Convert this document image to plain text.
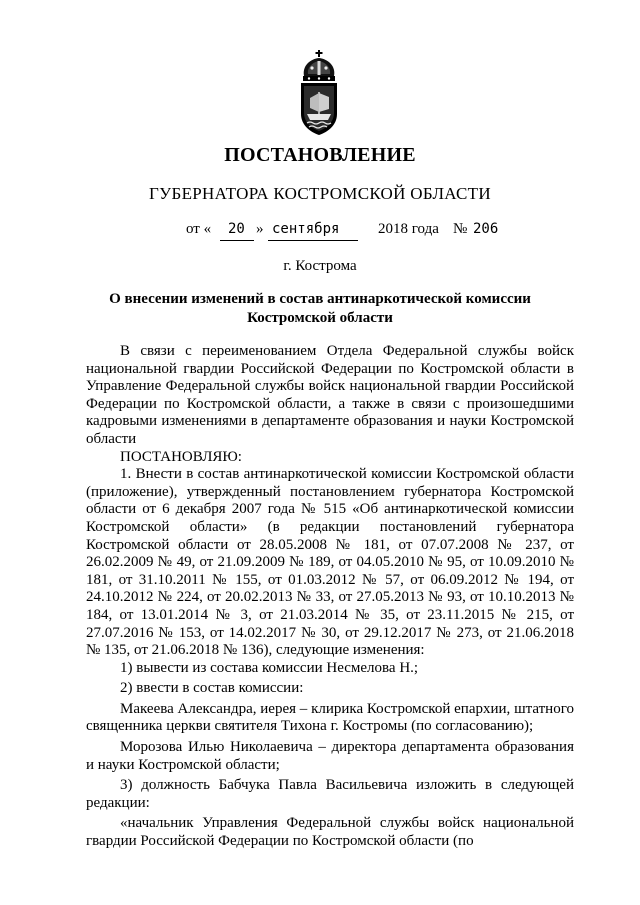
ПОСТАНОВЛЕНИЕ
ГУБЕРНАТОРА КОСТРОМСКОЙ ОБЛАСТИ
от « 20 » сентября	2018 года № 206
г. Кострома
О внесении изменений в состав антинаркотической комиссии
Костромской области

В связи с переименованием Отдела Федеральной службы войск национальной гвардии Российской Федерации по Костромской области в Управление Федеральной службы войск национальной гвардии Российской Федерации по Костромской области, а также в связи с произошедшими кадровыми изменениями в департаменте образования и науки Костромской области

ПОСТАНОВЛЯЮ:

1. Внести в состав антинаркотической комиссии Костромской области (приложение), утвержденный постановлением губернатора Костромской области от 6 декабря 2007 года № 515 «Об антинаркотической комиссии Костромской области» (в редакции постановлений губернатора Костромской области от 28.05.2008 № 181, от 07.07.2008 № 237, от 26.02.2009 № 49, от 21.09.2009 № 189, от 04.05.2010 № 95, от 10.09.2010 № 181, от 31.10.2011 № 155, от 01.03.2012 № 57, от 06.09.2012 № 194, от 24.10.2012 № 224, от 20.02.2013 № 33, от 27.05.2013 № 93, от 10.10.2013 № 184, от 13.01.2014 № 3, от 21.03.2014 № 35, от 23.11.2015 № 215, от 27.07.2016 № 153, от 14.02.2017 № 30, от 29.12.2017 № 273, от 21.06.2018 № 135, от 21.06.2018 № 136), следующие изменения:

1) вывести из состава комиссии Несмелова Н.;

2) ввести в состав комиссии:

Макеева Александра, иерея – клирика Костромской епархии, штатного священника церкви святителя Тихона г. Костромы (по согласованию);

Морозова Илью Николаевича – директора департамента образования и науки Костромской области;

3) должность Бабчука Павла Васильевича изложить в следующей редакции:

«начальник Управления Федеральной службы войск национальной гвардии Российской Федерации по Костромской области (по
